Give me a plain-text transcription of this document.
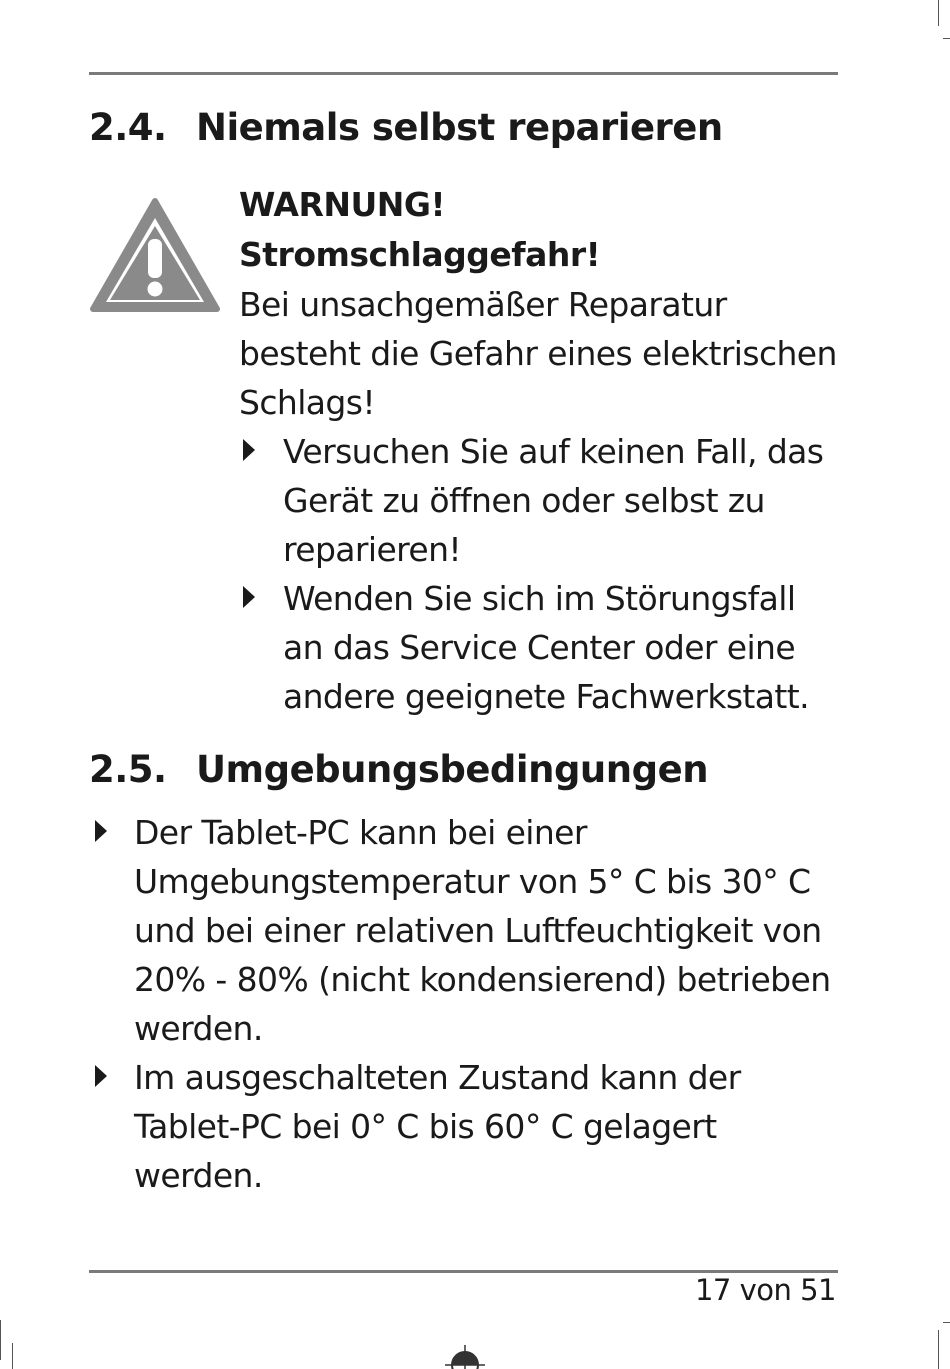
2.4. Niemals selbst reparieren
WARNUNG!
Stromschlaggefahr!

Bei unsachgemäßer Reparatur besteht die Gefahr eines elektrischen Schlags!

Versuchen Sie auf keinen Fall, das Gerät zu öffnen oder selbst zu reparieren!

Wenden Sie sich im Störungsfall an das Service Center oder eine andere geeignete Fachwerkstatt.

2.5. Umgebungsbedingungen

Der Tablet-PC kann bei einer Umgebungstemperatur von 5° C bis 30° C und bei einer relativen Luftfeuchtigkeit von 20% - 80% (nicht kondensierend) betrieben werden.

Im ausgeschalteten Zustand kann der Tablet-PC bei 0° C bis 60° C gelagert werden.

17 von 51
